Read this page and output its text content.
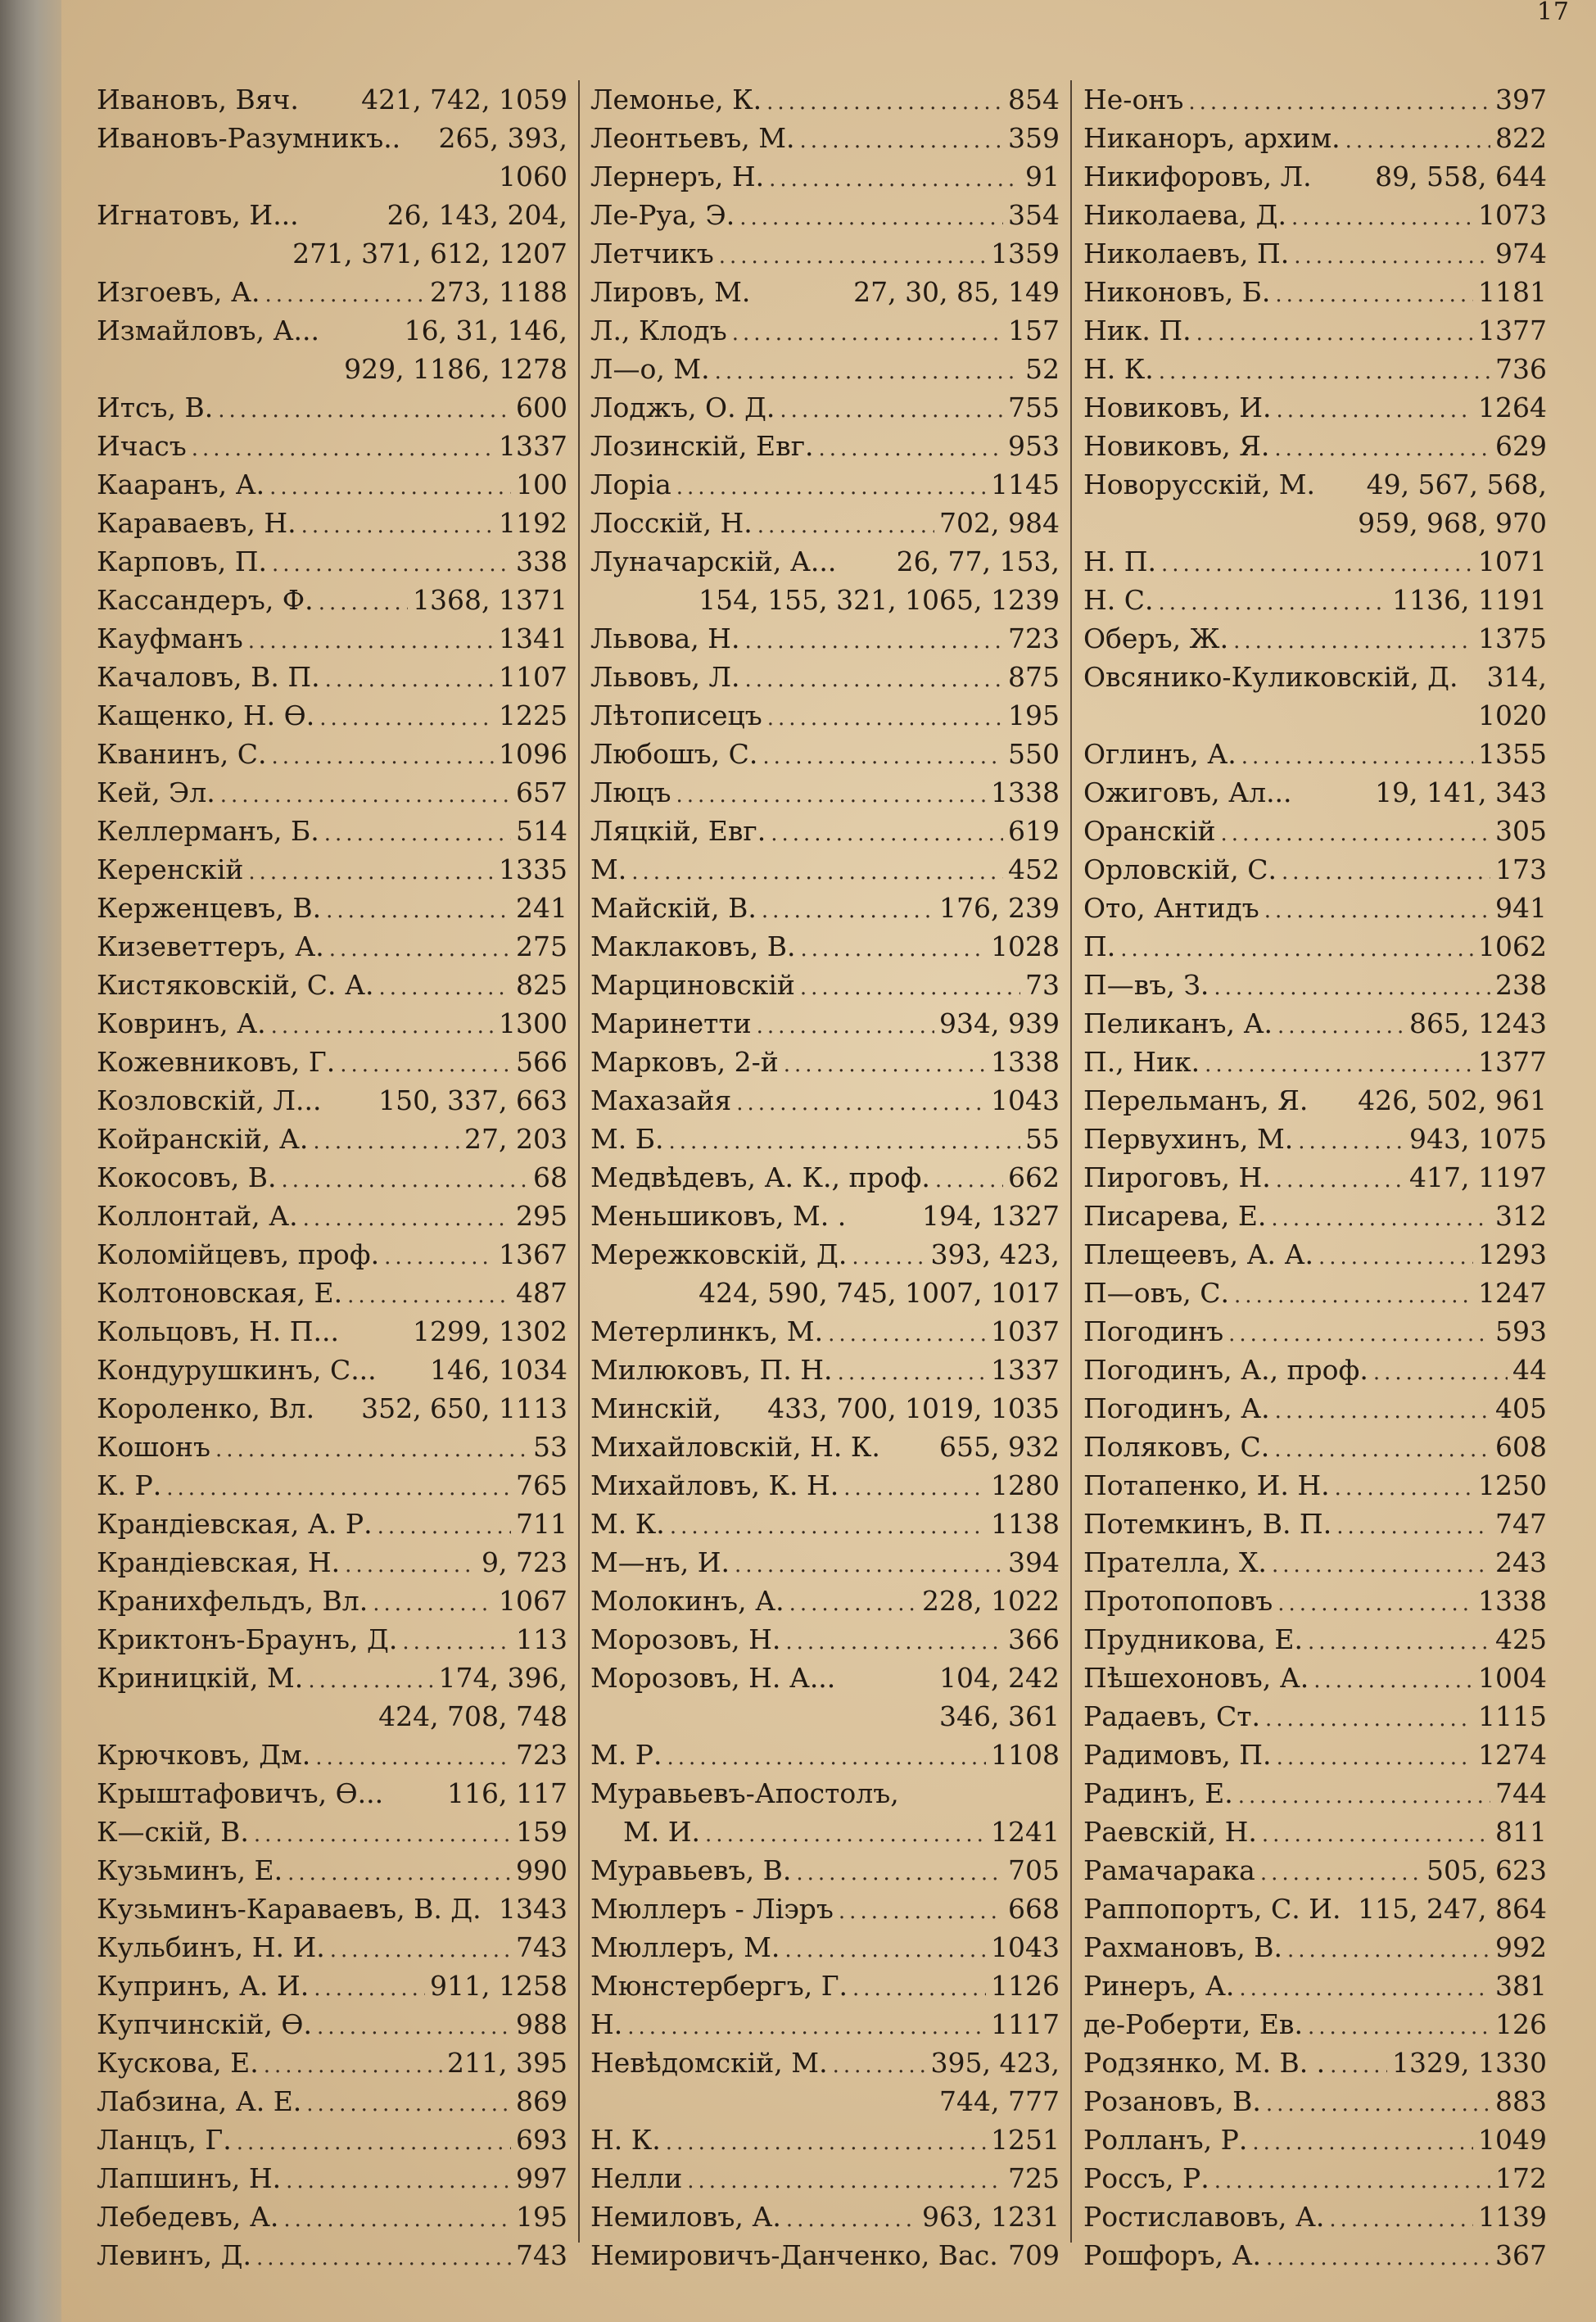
17
Ивановъ, Вяч. 421, 742, 1059
Ивановъ-Разумникъ.. 265, 393,
1060
Игнатовъ, И...	26, 143, 204,
271, 371, 612, 1207
Изгоевъ, А. .....	273, 1188
Измайловъ, А...	16, 31, 146,
929, 1186, 1278
Итсъ, В. .....	600
Ичасъ .....	1337
Кааранъ, А. .....	100
Караваевъ, Н. .....	1192
Карповъ, П. .....	338
Кассандеръ, Ф. .....	1368, 1371
Кауфманъ .....	1341
Качаловъ, В. П. .....	1107
Кащенко, Н. Ѳ. .....	1225
Кванинъ, С. .....	1096
Кей, Эл. .....	657
Келлерманъ, Б. .....	514
Керенскій .....	1335
Керженцевъ, В. .....	241
Кизеветтеръ, А. .....	275
Кистяковскій, С. А. .....	825
Ковринъ, А. .....	1300
Кожевниковъ, Г. .....	566
Козловскій, Л... 150, 337, 663
Койранскій, А. .....	27, 203
Кокосовъ, В. .....	68
Коллонтай, А. .....	295
Коломійцевъ, проф. .....	1367
Колтоновская, Е. .....	487
Кольцовъ, Н. П...	1299, 1302
Кондурушкинъ, С... 146, 1034
Короленко, Вл. 352, 650, 1113
Кошонъ .....	53
К. Р. .....	765
Крандіевская, А. Р. .....	711
Крандіевская, Н. .....	9, 723
Кранихфельдъ, Вл. .....	1067
Криктонъ-Браунъ, Д. .....	113
Криницкій, М. .....	174, 396,
424, 708, 748
Крючковъ, Дм. .....	723
Крыштафовичъ, Ѳ... 116, 117
К—скій, В. .....	159
Кузьминъ, Е. .....	990
Кузьминъ-Караваевъ, В. Д. 1343
Кульбинъ, Н. И. .....	743
Купринъ, А. И. .....	911, 1258
Купчинскій, Ѳ. .....	988
Кускова, Е. .....	211, 395
Лабзина, А. Е. .....	869
Ланцъ, Г. .....	693
Лапшинъ, Н. .....	997
Лебедевъ, А. .....	195
Левинъ, Д. .....	743
Лемонье, К. .....	854
Леонтьевъ, М. .....	359
Лернеръ, Н. .....	91
Ле-Руа, Э. .....	354
Летчикъ .....	1359
Лировъ, М.	27, 30, 85, 149
Л., Клодъ .....	157
Л—о, М. .....	52
Лоджъ, О. Д. .....	755
Лозинскій, Евг. .....	953
Лоріа .....	1145
Лосскій, Н. .....	702, 984
Луначарскій, А... 26, 77, 153,
154, 155, 321, 1065, 1239
Львова, Н. .....	723
Львовъ, Л. .....	875
Лѣтописецъ .....	195
Любошъ, С. .....	550
Люцъ .....	1338
Ляцкій, Евг. .....	619
М. .....	452
Майскій, В. .....	176, 239
Маклаковъ, В. .....	1028
Марциновскій .....	73
Маринетти .....	934, 939
Марковъ, 2-й .....	1338
Махазайя .....	1043
М. Б. .....	55
Медвѣдевъ, А. К., проф. .....	662
Меньшиковъ, М. .	194, 1327
Мережковскій, Д. .....	393, 423,
424, 590, 745, 1007, 1017
Метерлинкъ, М. .....	1037
Милюковъ, П. Н. .....	1337
Минскій, 433, 700, 1019, 1035
Михайловскій, Н. К. 655, 932
Михайловъ, К. Н. .....	1280
М. К. .....	1138
М—нъ, И. .....	394
Молокинъ, А. .....	228, 1022
Морозовъ, Н. .....	366
Морозовъ, Н. А...	104, 242
346, 361
М. Р. .....	1108
Муравьевъ-Апостолъ,
М. И. .....	1241
Муравьевъ, В. .....	705
Мюллеръ - Ліэръ .....	668
Мюллеръ, М. .....	1043
Мюнстербергъ, Г. .....	1126
Н. .....	1117
Невѣдомскій, М. .....	395, 423,
744, 777
Н. К. .....	1251
Нелли .....	725
Немиловъ, А. .....	963, 1231
Немировичъ-Данченко, Вас. 709
Не-онъ .....	397
Никаноръ, архим. .....	822
Никифоровъ, Л. 89, 558, 644
Николаева, Д. .....	1073
Николаевъ, П. .....	974
Никоновъ, Б. .....	1181
Ник. П. .....	1377
Н. К. .....	736
Новиковъ, И. .....	1264
Новиковъ, Я. .....	629
Новорусскій, М. 49, 567, 568,
959, 968, 970
Н. П. .....	1071
Н. С. .....	1136, 1191
Оберъ, Ж. .....	1375
Овсянико-Куликовскій, Д. 314,
1020
Оглинъ, А. .....	1355
Ожиговъ, Ал...	19, 141, 343
Оранскій .....	305
Орловскій, С. .....	173
Ото, Антидъ .....	941
П. .....	1062
П—въ, З. .....	238
Пеликанъ, А. .....	865, 1243
П., Ник. .....	1377
Перельманъ, Я. 426, 502, 961
Первухинъ, М. .....	943, 1075
Пироговъ, Н. .....	417, 1197
Писарева, Е. .....	312
Плещеевъ, А. А. .....	1293
П—овъ, С. .....	1247
Погодинъ .....	593
Погодинъ, А., проф. .....	44
Погодинъ, А. .....	405
Поляковъ, С. .....	608
Потапенко, И. Н. .....	1250
Потемкинъ, В. П. .....	747
Прателла, Х. .....	243
Протопоповъ .....	1338
Прудникова, Е. .....	425
Пѣшехоновъ, А. .....	1004
Радаевъ, Ст. .....	1115
Радимовъ, П. .....	1274
Радинъ, Е. .....	744
Раевскій, Н. .....	811
Рамачарака .....	505, 623
Раппопортъ, С. И. 115, 247, 864
Рахмановъ, В. .....	992
Ринеръ, А. .....	381
де-Роберти, Ев. .....	126
Родзянко, М. В. . ..... 1329, 1330
Розановъ, В. .....	883
Ролланъ, Р. .....	1049
Россъ, Р. .....	172
Ростиславовъ, А. .....	1139
Рошфоръ, А. .....	367
